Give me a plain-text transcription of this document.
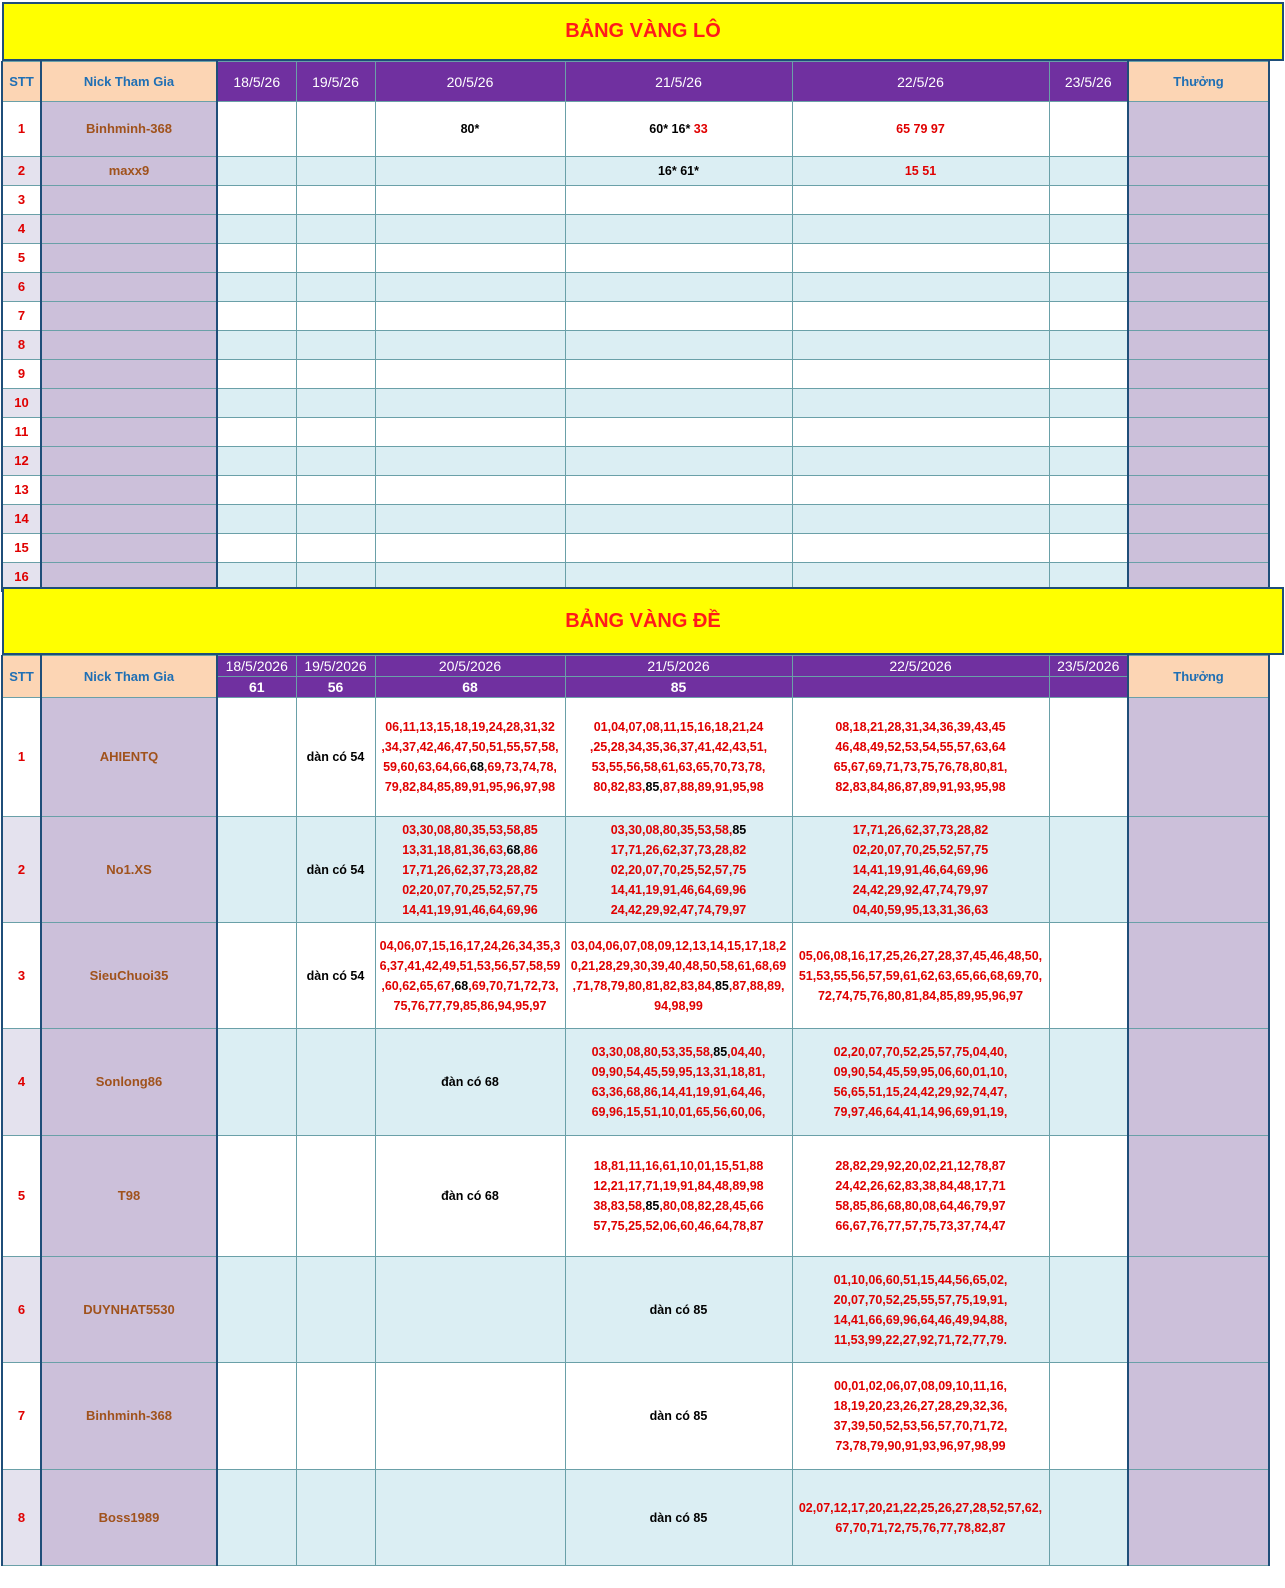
BẢNG VÀNG LÔ
STT	Nick Tham Gia	18/5/26	19/5/26	20/5/26	21/5/26	22/5/26	23/5/26	Thưởng
1	Binhminh-368			80*	60* 16* 33	65 79 97		
2	maxx9				16* 61*	15 51		
3								
4								
5								
6								
7								
8								
9								
10								
11								
12								
13								
14								
15								
16								
BẢNG VÀNG ĐỀ
STT	Nick Tham Gia	18/5/2026	19/5/2026	20/5/2026	21/5/2026	22/5/2026	23/5/2026	Thưởng
		61	56	68	85			
1	AHIENTQ		dàn có 54	06,11,13,15,18,19,24,28,31,32
,34,37,42,46,47,50,51,55,57,58,
59,60,63,64,66,68,69,73,74,78,
79,82,84,85,89,91,95,96,97,98	01,04,07,08,11,15,16,18,21,24
,25,28,34,35,36,37,41,42,43,51,
53,55,56,58,61,63,65,70,73,78,
80,82,83,85,87,88,89,91,95,98	08,18,21,28,31,34,36,39,43,45
46,48,49,52,53,54,55,57,63,64
65,67,69,71,73,75,76,78,80,81,
82,83,84,86,87,89,91,93,95,98		

2	No1.XS		dàn có 54	03,30,08,80,35,53,58,85
13,31,18,81,36,63,68,86
17,71,26,62,37,73,28,82
02,20,07,70,25,52,57,75
14,41,19,91,46,64,69,96	03,30,08,80,35,53,58,85
17,71,26,62,37,73,28,82
02,20,07,70,25,52,57,75
14,41,19,91,46,64,69,96
24,42,29,92,47,74,79,97	17,71,26,62,37,73,28,82
02,20,07,70,25,52,57,75
14,41,19,91,46,64,69,96
24,42,29,92,47,74,79,97
04,40,59,95,13,31,36,63		

3	SieuChuoi35		dàn có 54	04,06,07,15,16,17,24,26,34,35,3
6,37,41,42,49,51,53,56,57,58,59
,60,62,65,67,68,69,70,71,72,73,
75,76,77,79,85,86,94,95,97	03,04,06,07,08,09,12,13,14,15,17,18,2
0,21,28,29,30,39,40,48,50,58,61,68,69
,71,78,79,80,81,82,83,84,85,87,88,89,
94,98,99	05,06,08,16,17,25,26,27,28,37,45,46,48,50,
51,53,55,56,57,59,61,62,63,65,66,68,69,70,
72,74,75,76,80,81,84,85,89,95,96,97		

4	Sonlong86			đàn có 68	03,30,08,80,53,35,58,85,04,40,
09,90,54,45,59,95,13,31,18,81,
63,36,68,86,14,41,19,91,64,46,
69,96,15,51,10,01,65,56,60,06,	02,20,07,70,52,25,57,75,04,40,
09,90,54,45,59,95,06,60,01,10,
56,65,51,15,24,42,29,92,74,47,
79,97,46,64,41,14,96,69,91,19,		

5	T98			đàn có 68	18,81,11,16,61,10,01,15,51,88
12,21,17,71,19,91,84,48,89,98
38,83,58,85,80,08,82,28,45,66
57,75,25,52,06,60,46,64,78,87	28,82,29,92,20,02,21,12,78,87
24,42,26,62,83,38,84,48,17,71
58,85,86,68,80,08,64,46,79,97
66,67,76,77,57,75,73,37,74,47		

6	DUYNHAT5530				dàn có 85	01,10,06,60,51,15,44,56,65,02,
20,07,70,52,25,55,57,75,19,91,
14,41,66,69,96,64,46,49,94,88,
11,53,99,22,27,92,71,72,77,79.		

7	Binhminh-368				dàn có 85	00,01,02,06,07,08,09,10,11,16,
18,19,20,23,26,27,28,29,32,36,
37,39,50,52,53,56,57,70,71,72,
73,78,79,90,91,93,96,97,98,99		

8	Boss1989				dàn có 85	02,07,12,17,20,21,22,25,26,27,28,52,57,62,
67,70,71,72,75,76,77,78,82,87		
